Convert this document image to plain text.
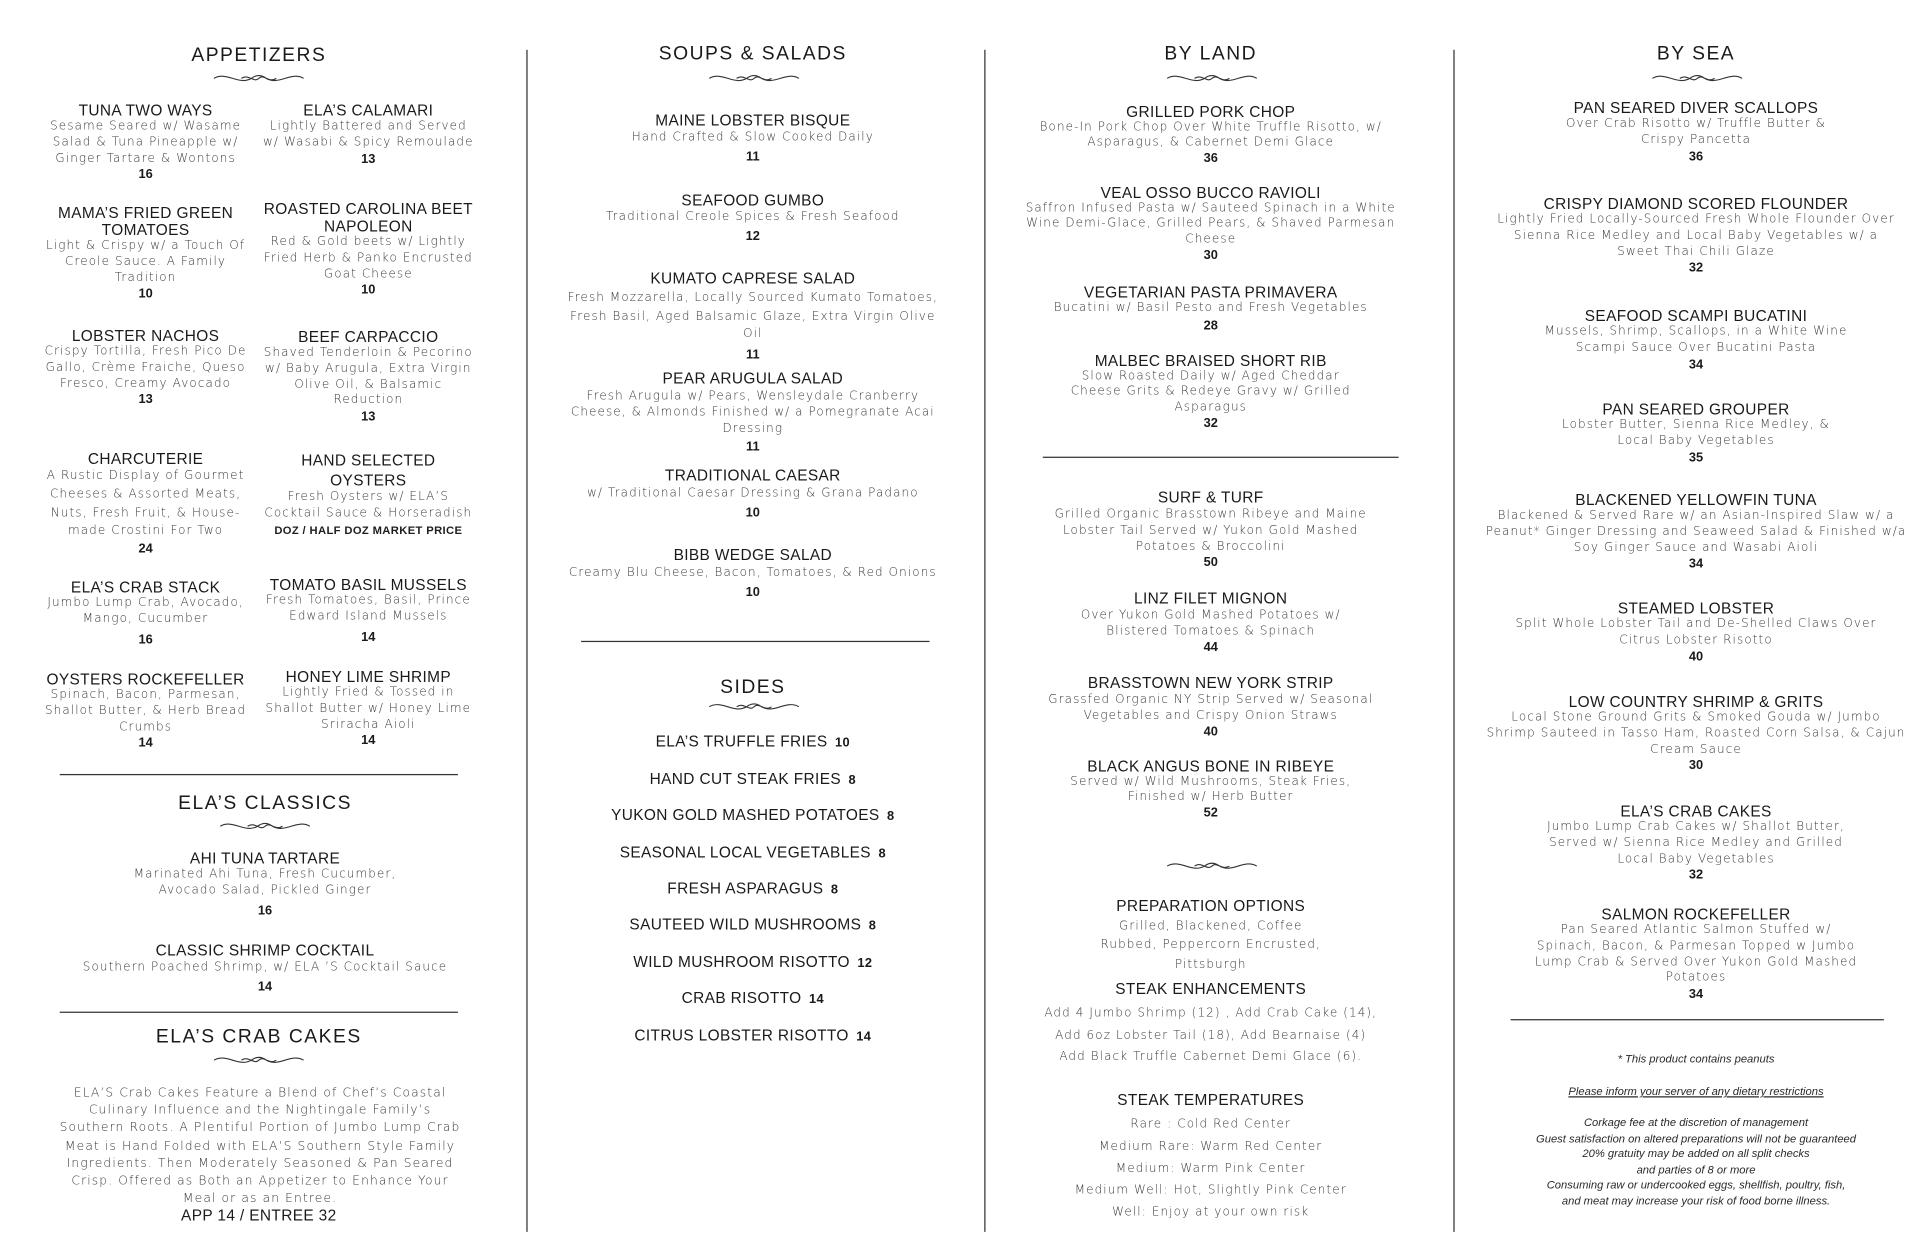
APPETIZERS
TUNA TWO WAYS
Sesame Seared w/ Wasame Salad & Tuna Pineapple w/ Ginger Tartare & Wontons
16
ELA’S CALAMARI
Lightly Battered and Served w/ Wasabi & Spicy Remoulade
13
MAMA’S FRIED GREEN TOMATOES
Light & Crispy w/ a Touch Of Creole Sauce. A Family Tradition
10
ROASTED CAROLINA BEET NAPOLEON
Red & Gold beets w/ Lightly Fried Herb & Panko Encrusted Goat Cheese
10
LOBSTER NACHOS
Crispy Tortilla, Fresh Pico De Gallo, Crème Fraiche, Queso Fresco, Creamy Avocado
13
BEEF CARPACCIO
Shaved Tenderloin & Pecorino w/ Baby Arugula, Extra Virgin Olive Oil, & Balsamic Reduction
13
CHARCUTERIE
A Rustic Display of Gourmet Cheeses & Assorted Meats, Nuts, Fresh Fruit, & House-made Crostini For Two
24
HAND SELECTED OYSTERS
Fresh Oysters w/ ELA’S Cocktail Sauce & Horseradish
DOZ / HALF DOZ MARKET PRICE
ELA’S CRAB STACK
Jumbo Lump Crab, Avocado, Mango, Cucumber
16
TOMATO BASIL MUSSELS
Fresh Tomatoes, Basil, Prince Edward Island Mussels
14
OYSTERS ROCKEFELLER
Spinach, Bacon, Parmesan, Shallot Butter, & Herb Bread Crumbs
14
HONEY LIME SHRIMP
Lightly Fried & Tossed in Shallot Butter w/ Honey Lime Sriracha Aioli
14
ELA’S CLASSICS
AHI TUNA TARTARE
Marinated Ahi Tuna, Fresh Cucumber, Avocado Salad, Pickled Ginger
16
CLASSIC SHRIMP COCKTAIL
Southern Poached Shrimp, w/ ELA ’S Cocktail Sauce
14
ELA’S CRAB CAKES
ELA’S Crab Cakes Feature a Blend of Chef’s Coastal Culinary Influence and the Nightingale Family’s Southern Roots. A Plentiful Portion of Jumbo Lump Crab Meat is Hand Folded with ELA’S Southern Style Family Ingredients. Then Moderately Seasoned & Pan Seared Crisp. Offered as Both an Appetizer to Enhance Your Meal or as an Entree.
APP 14 / ENTREE 32
SOUPS & SALADS
MAINE LOBSTER BISQUE
Hand Crafted & Slow Cooked Daily
11
SEAFOOD GUMBO
Traditional Creole Spices & Fresh Seafood
12
KUMATO CAPRESE SALAD
Fresh Mozzarella, Locally Sourced Kumato Tomatoes, Fresh Basil, Aged Balsamic Glaze, Extra Virgin Olive Oil
11
PEAR ARUGULA SALAD
Fresh Arugula w/ Pears, Wensleydale Cranberry Cheese, & Almonds Finished w/ a Pomegranate Acai Dressing
11
TRADITIONAL CAESAR
w/ Traditional Caesar Dressing & Grana Padano
10
BIBB WEDGE SALAD
Creamy Blu Cheese, Bacon, Tomatoes, & Red Onions
10
SIDES
ELA’S TRUFFLE FRIES 10
HAND CUT STEAK FRIES 8
YUKON GOLD MASHED POTATOES 8
SEASONAL LOCAL VEGETABLES 8
FRESH ASPARAGUS 8
SAUTEED WILD MUSHROOMS 8
WILD MUSHROOM RISOTTO 12
CRAB RISOTTO 14
CITRUS LOBSTER RISOTTO 14
BY LAND
GRILLED PORK CHOP
Bone-In Pork Chop Over White Truffle Risotto, w/ Asparagus, & Cabernet Demi Glace
36
VEAL OSSO BUCCO RAVIOLI
Saffron Infused Pasta w/ Sauteed Spinach in a White Wine Demi-Glace, Grilled Pears, & Shaved Parmesan Cheese
30
VEGETARIAN PASTA PRIMAVERA
Bucatini w/ Basil Pesto and Fresh Vegetables
28
MALBEC BRAISED SHORT RIB
Slow Roasted Daily w/ Aged Cheddar Cheese Grits & Redeye Gravy w/ Grilled Asparagus
32
SURF & TURF
Grilled Organic Brasstown Ribeye and Maine Lobster Tail Served w/ Yukon Gold Mashed Potatoes & Broccolini
50
LINZ FILET MIGNON
Over Yukon Gold Mashed Potatoes w/ Blistered Tomatoes & Spinach
44
BRASSTOWN NEW YORK STRIP
Grassfed Organic NY Strip Served w/ Seasonal Vegetables and Crispy Onion Straws
40
BLACK ANGUS BONE IN RIBEYE
Served w/ Wild Mushrooms, Steak Fries, Finished w/ Herb Butter
52
PREPARATION OPTIONS
Grilled, Blackened, Coffee Rubbed, Peppercorn Encrusted, Pittsburgh
STEAK ENHANCEMENTS
Add 4 Jumbo Shrimp (12) , Add Crab Cake (14),
Add 6oz Lobster Tail (18), Add Bearnaise (4)
Add Black Truffle Cabernet Demi Glace (6).
STEAK TEMPERATURES
Rare : Cold Red Center
Medium Rare: Warm Red Center
Medium: Warm Pink Center
Medium Well: Hot, Slightly Pink Center
Well: Enjoy at your own risk
BY SEA
PAN SEARED DIVER SCALLOPS
Over Crab Risotto w/ Truffle Butter & Crispy Pancetta
36
CRISPY DIAMOND SCORED FLOUNDER
Lightly Fried Locally-Sourced Fresh Whole Flounder Over Sienna Rice Medley and Local Baby Vegetables w/ a Sweet Thai Chili Glaze
32
SEAFOOD SCAMPI BUCATINI
Mussels, Shrimp, Scallops, in a White Wine Scampi Sauce Over Bucatini Pasta
34
PAN SEARED GROUPER
Lobster Butter, Sienna Rice Medley, & Local Baby Vegetables
35
BLACKENED YELLOWFIN TUNA
Blackened & Served Rare w/ an Asian-Inspired Slaw w/ a Peanut* Ginger Dressing and Seaweed Salad & Finished w/a Soy Ginger Sauce and Wasabi Aioli
34
STEAMED LOBSTER
Split Whole Lobster Tail and De-Shelled Claws Over Citrus Lobster Risotto
40
LOW COUNTRY SHRIMP & GRITS
Local Stone Ground Grits & Smoked Gouda w/ Jumbo Shrimp Sauteed in Tasso Ham, Roasted Corn Salsa, & Cajun Cream Sauce
30
ELA’S CRAB CAKES
Jumbo Lump Crab Cakes w/ Shallot Butter, Served w/ Sienna Rice Medley and Grilled Local Baby Vegetables
32
SALMON ROCKEFELLER
Pan Seared Atlantic Salmon Stuffed w/ Spinach, Bacon, & Parmesan Topped w Jumbo Lump Crab & Served Over Yukon Gold Mashed Potatoes
34
* This product contains peanuts
Please inform your server of any dietary restrictions
Corkage fee at the discretion of management
Guest satisfaction on altered preparations will not be guaranteed
20% gratuity may be added on all split checks
and parties of 8 or more
Consuming raw or undercooked eggs, shellfish, poultry, fish,
and meat may increase your risk of food borne illness.
